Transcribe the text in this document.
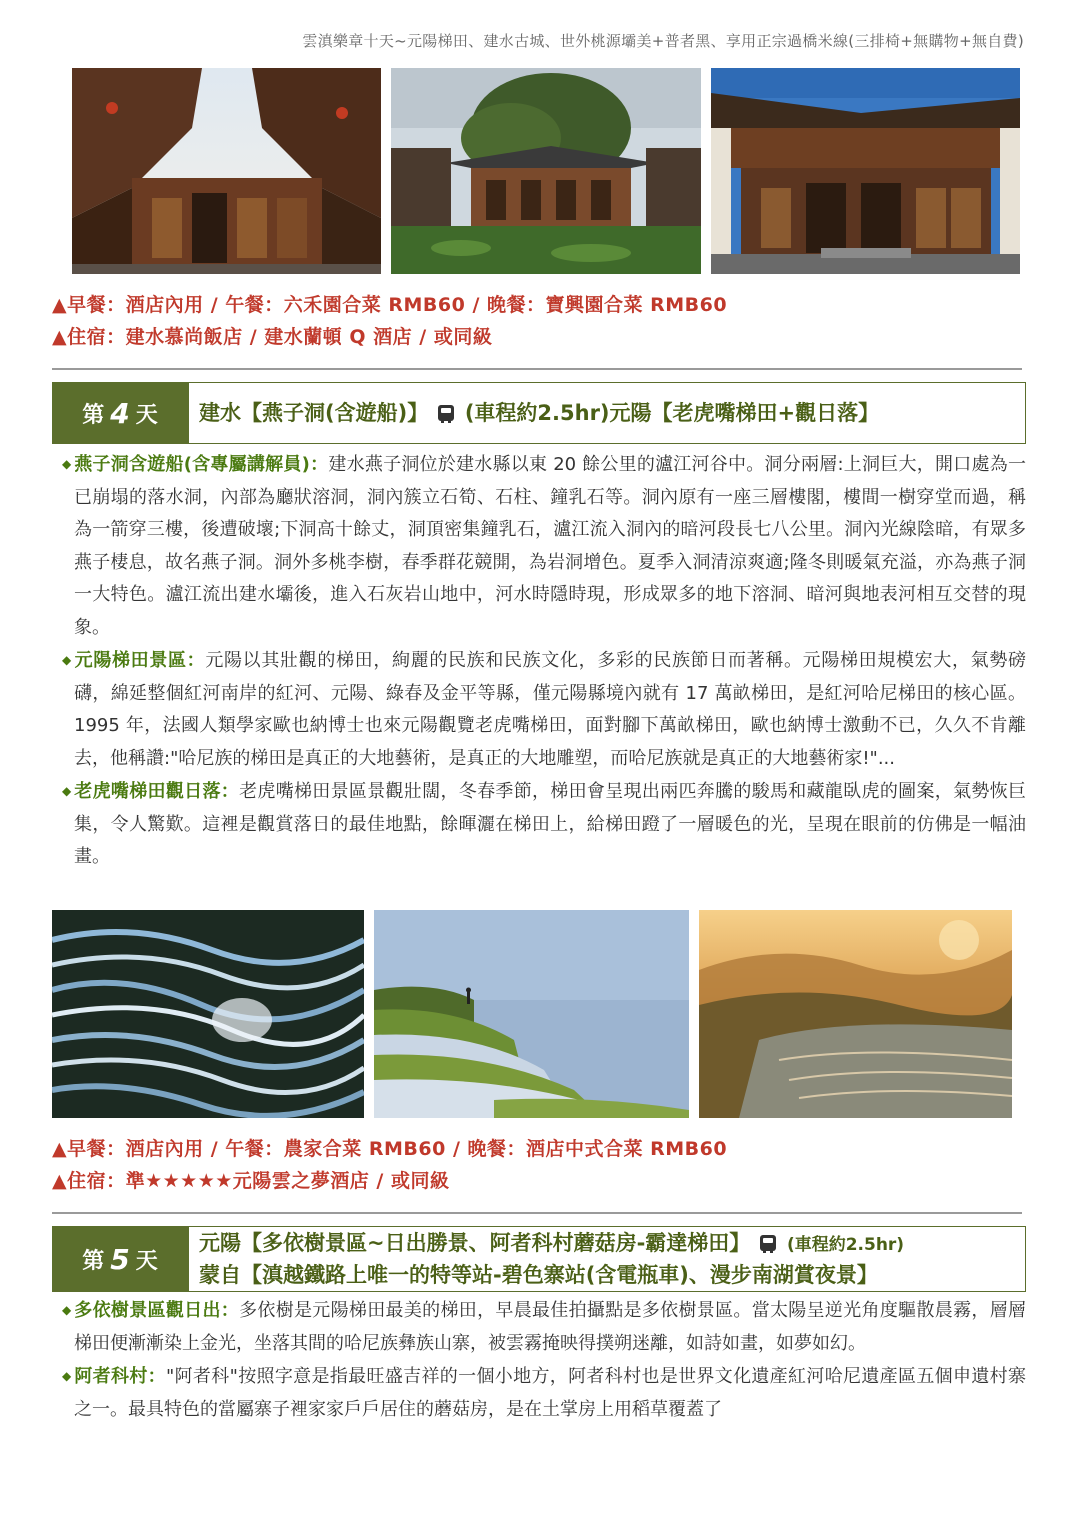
雲滇樂章十天~元陽梯田、建水古城、世外桃源壩美+普者黑、享用正宗過橋米線(三排椅+無購物+無自費)
▲早餐：酒店內用 / 午餐：六禾園合菜 RMB60 / 晚餐：寶興園合菜 RMB60
▲住宿：建水慕尚飯店 / 建水蘭頓 Q 酒店 / 或同級
第 4 天 建水【燕子洞(含遊船)】 (車程約2.5hr)元陽【老虎嘴梯田+觀日落】

◆ 燕子洞含遊船(含專屬講解員)：建水燕子洞位於建水縣以東 20 餘公里的瀘江河谷中。洞分兩層:上洞巨大，開口處為一已崩塌的落水洞，內部為廳狀溶洞，洞內簇立石筍、石柱、鐘乳石等。洞內原有一座三層樓閣，樓間一樹穿堂而過，稱為一箭穿三樓，後遭破壞;下洞高十餘丈，洞頂密集鐘乳石，瀘江流入洞內的暗河段長七八公里。洞內光線陰暗，有眾多燕子棲息，故名燕子洞。洞外多桃李樹，春季群花競開，為岩洞增色。夏季入洞清涼爽適;隆冬則暖氣充溢，亦為燕子洞一大特色。瀘江流出建水壩後，進入石灰岩山地中，河水時隱時現，形成眾多的地下溶洞、暗河與地表河相互交替的現象。

◆ 元陽梯田景區：元陽以其壯觀的梯田，絢麗的民族和民族文化，多彩的民族節日而著稱。元陽梯田規模宏大，氣勢磅礴，綿延整個紅河南岸的紅河、元陽、綠春及金平等縣，僅元陽縣境內就有 17 萬畝梯田，是紅河哈尼梯田的核心區。1995 年，法國人類學家歐也納博士也來元陽觀覽老虎嘴梯田，面對腳下萬畝梯田，歐也納博士激動不已，久久不肯離去，他稱讚:"哈尼族的梯田是真正的大地藝術，是真正的大地雕塑，而哈尼族就是真正的大地藝術家!"...

◆ 老虎嘴梯田觀日落：老虎嘴梯田景區景觀壯闊，冬春季節，梯田會呈現出兩匹奔騰的駿馬和藏龍臥虎的圖案，氣勢恢巨集，令人驚歎。這裡是觀賞落日的最佳地點，餘暉灑在梯田上，給梯田蹬了一層暖色的光，呈現在眼前的仿佛是一幅油畫。

▲早餐：酒店內用 / 午餐：農家合菜 RMB60 / 晚餐：酒店中式合菜 RMB60
▲住宿：準★★★★★元陽雲之夢酒店 / 或同級
第 5 天
元陽【多依樹景區~日出勝景、阿者科村蘑菇房-霸達梯田】 (車程約2.5hr)
蒙自【滇越鐵路上唯一的特等站-碧色寨站(含電瓶車)、漫步南湖賞夜景】

◆ 多依樹景區觀日出：多依樹是元陽梯田最美的梯田，早晨最佳拍攝點是多依樹景區。當太陽呈逆光角度驅散晨霧，層層梯田便漸漸染上金光，坐落其間的哈尼族彝族山寨，被雲霧掩映得撲朔迷離，如詩如畫，如夢如幻。

◆ 阿者科村："阿者科"按照字意是指最旺盛吉祥的一個小地方，阿者科村也是世界文化遺產紅河哈尼遺產區五個申遺村寨之一。最具特色的當屬寨子裡家家戶戶居住的蘑菇房，是在土掌房上用稻草覆蓋了
